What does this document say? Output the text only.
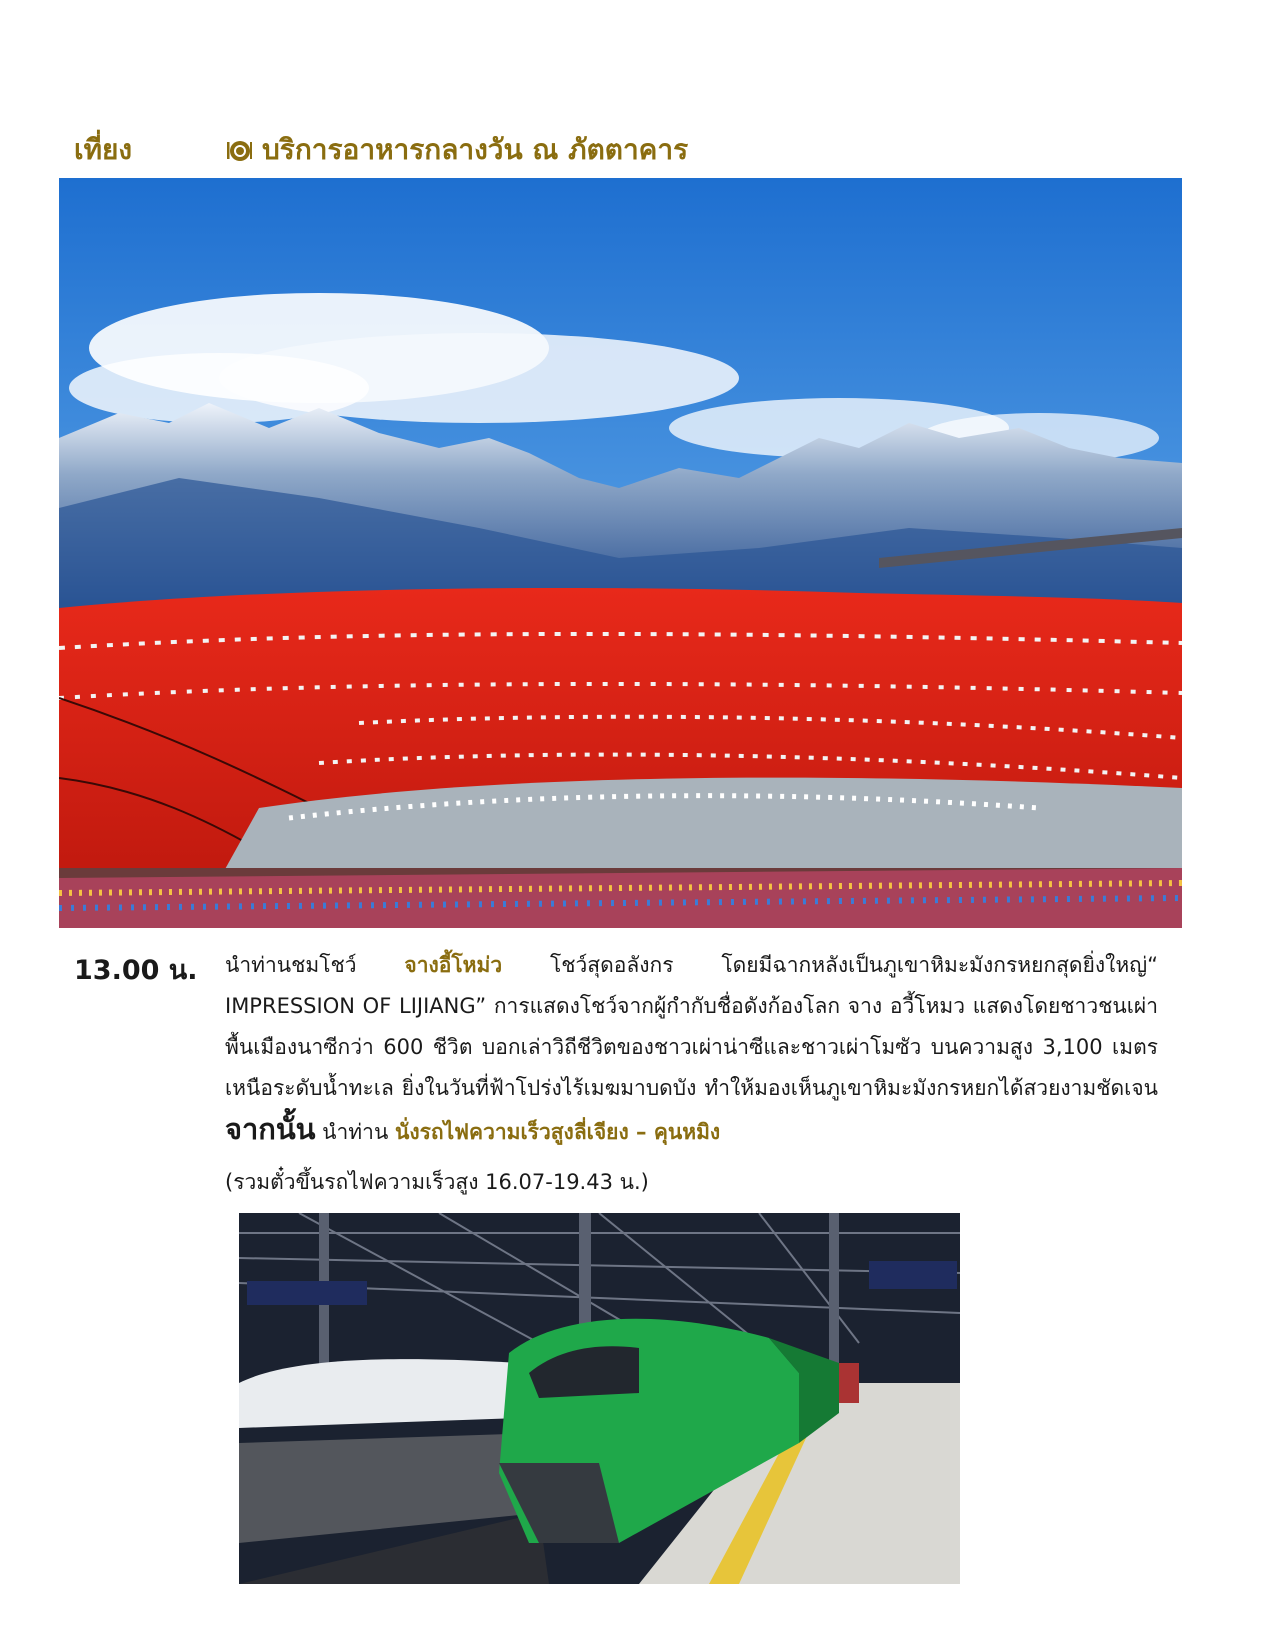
เที่ยง	บริการอาหารกลางวัน ณ ภัตตาคาร
13.00 น. นำท่านชมโชว์ จางอี้โหม่ว โชว์สุดอลังกร โดยมีฉากหลังเป็นภูเขาหิมะมังกรหยกสุดยิ่งใหญ่“ IMPRESSION OF LIJIANG” การแสดงโชว์จากผู้กำกับชื่อดังก้องโลก จาง อวี้โหมว แสดงโดยชาวชนเผ่าพื้นเมืองนาซีกว่า 600 ชีวิต บอกเล่าวิถีชีวิตของชาวเผ่าน่าซีและชาวเผ่าโมซัว บนความสูง 3,100 เมตรเหนือระดับน้ำทะเล ยิ่งในวันที่ฟ้าโปร่งไร้เมฆมาบดบัง ทำให้มองเห็นภูเขาหิมะมังกรหยกได้สวยงามชัดเจน จากนั้น นำท่าน นั่งรถไฟความเร็วสูงลี่เจียง – คุนหมิง
(รวมตั๋วขึ้นรถไฟความเร็วสูง 16.07-19.43 น.)
